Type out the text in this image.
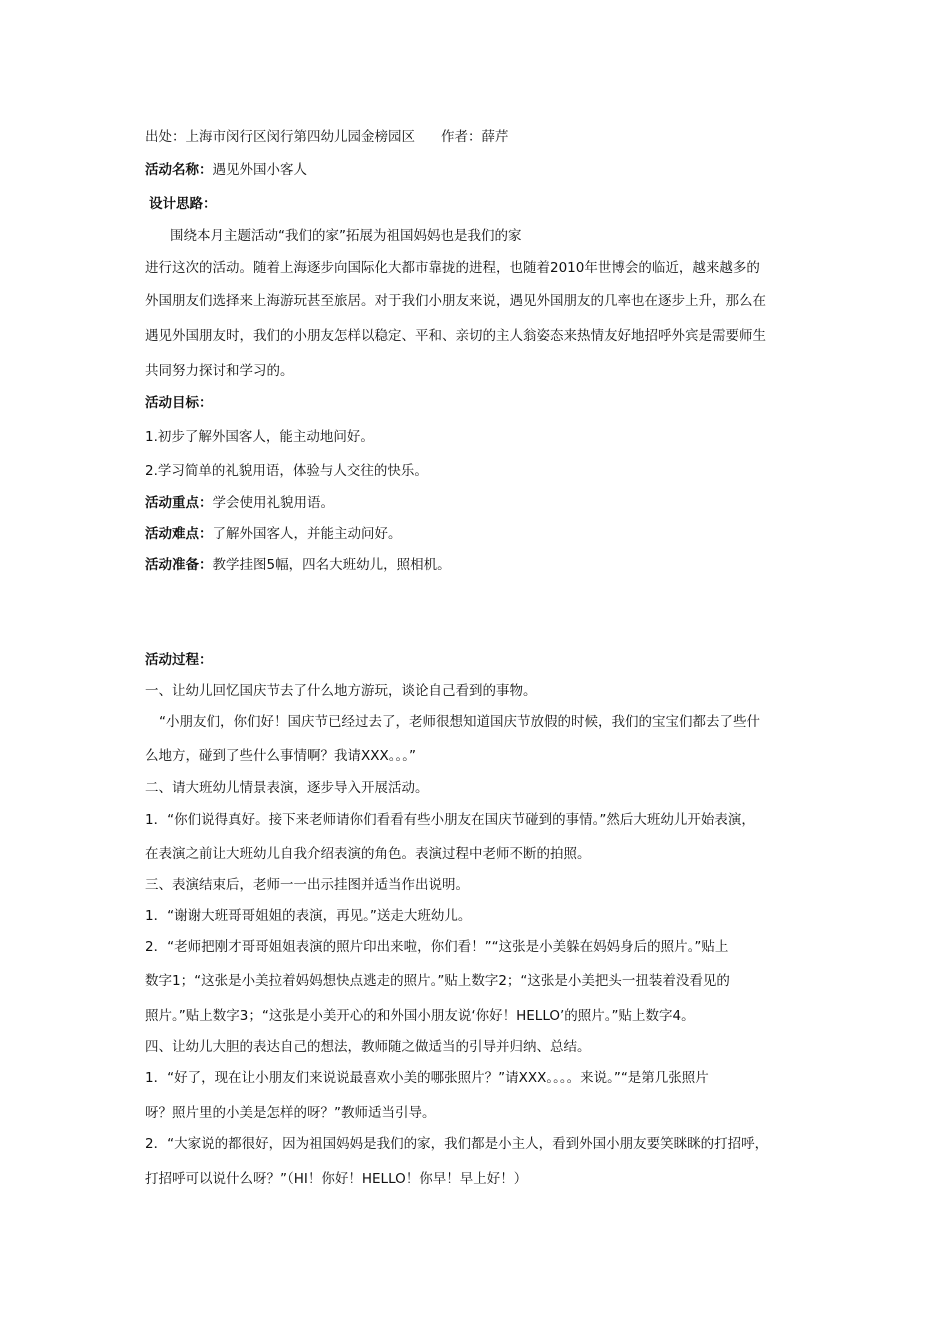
出处：上海市闵行区闵行第四幼儿园金榜园区 作者：薛芹
活动名称：遇见外国小客人
设计思路：
围绕本月主题活动“我们的家”拓展为祖国妈妈也是我们的家
进行这次的活动。随着上海逐步向国际化大都市靠拢的进程，也随着2010年世博会的临近，越来越多的
外国朋友们选择来上海游玩甚至旅居。对于我们小朋友来说，遇见外国朋友的几率也在逐步上升，那么在
遇见外国朋友时，我们的小朋友怎样以稳定、平和、亲切的主人翁姿态来热情友好地招呼外宾是需要师生
共同努力探讨和学习的。
活动目标：
1.初步了解外国客人，能主动地问好。
2.学习简单的礼貌用语，体验与人交往的快乐。
活动重点：学会使用礼貌用语。
活动难点：了解外国客人，并能主动问好。
活动准备：教学挂图5幅，四名大班幼儿，照相机。
活动过程：
一、让幼儿回忆国庆节去了什么地方游玩，谈论自己看到的事物。
“小朋友们，你们好！国庆节已经过去了，老师很想知道国庆节放假的时候，我们的宝宝们都去了些什
么地方，碰到了些什么事情啊？我请XXX。。。”
二、请大班幼儿情景表演，逐步导入开展活动。
1．“你们说得真好。接下来老师请你们看看有些小朋友在国庆节碰到的事情。”然后大班幼儿开始表演，
在表演之前让大班幼儿自我介绍表演的角色。表演过程中老师不断的拍照。
三、表演结束后，老师一一出示挂图并适当作出说明。
1．“谢谢大班哥哥姐姐的表演，再见。”送走大班幼儿。
2．“老师把刚才哥哥姐姐表演的照片印出来啦，你们看！”“这张是小美躲在妈妈身后的照片。”贴上
数字1；“这张是小美拉着妈妈想快点逃走的照片。”贴上数字2；“这张是小美把头一扭装着没看见的
照片。”贴上数字3；“这张是小美开心的和外国小朋友说‘你好！HELLO’的照片。”贴上数字4。
四、让幼儿大胆的表达自己的想法，教师随之做适当的引导并归纳、总结。
1．“好了，现在让小朋友们来说说最喜欢小美的哪张照片？”请XXX。。。。来说。”“是第几张照片
呀？照片里的小美是怎样的呀？”教师适当引导。
2．“大家说的都很好，因为祖国妈妈是我们的家，我们都是小主人，看到外国小朋友要笑眯眯的打招呼，
打招呼可以说什么呀？”（HI！你好！HELLO！你早！早上好！）
